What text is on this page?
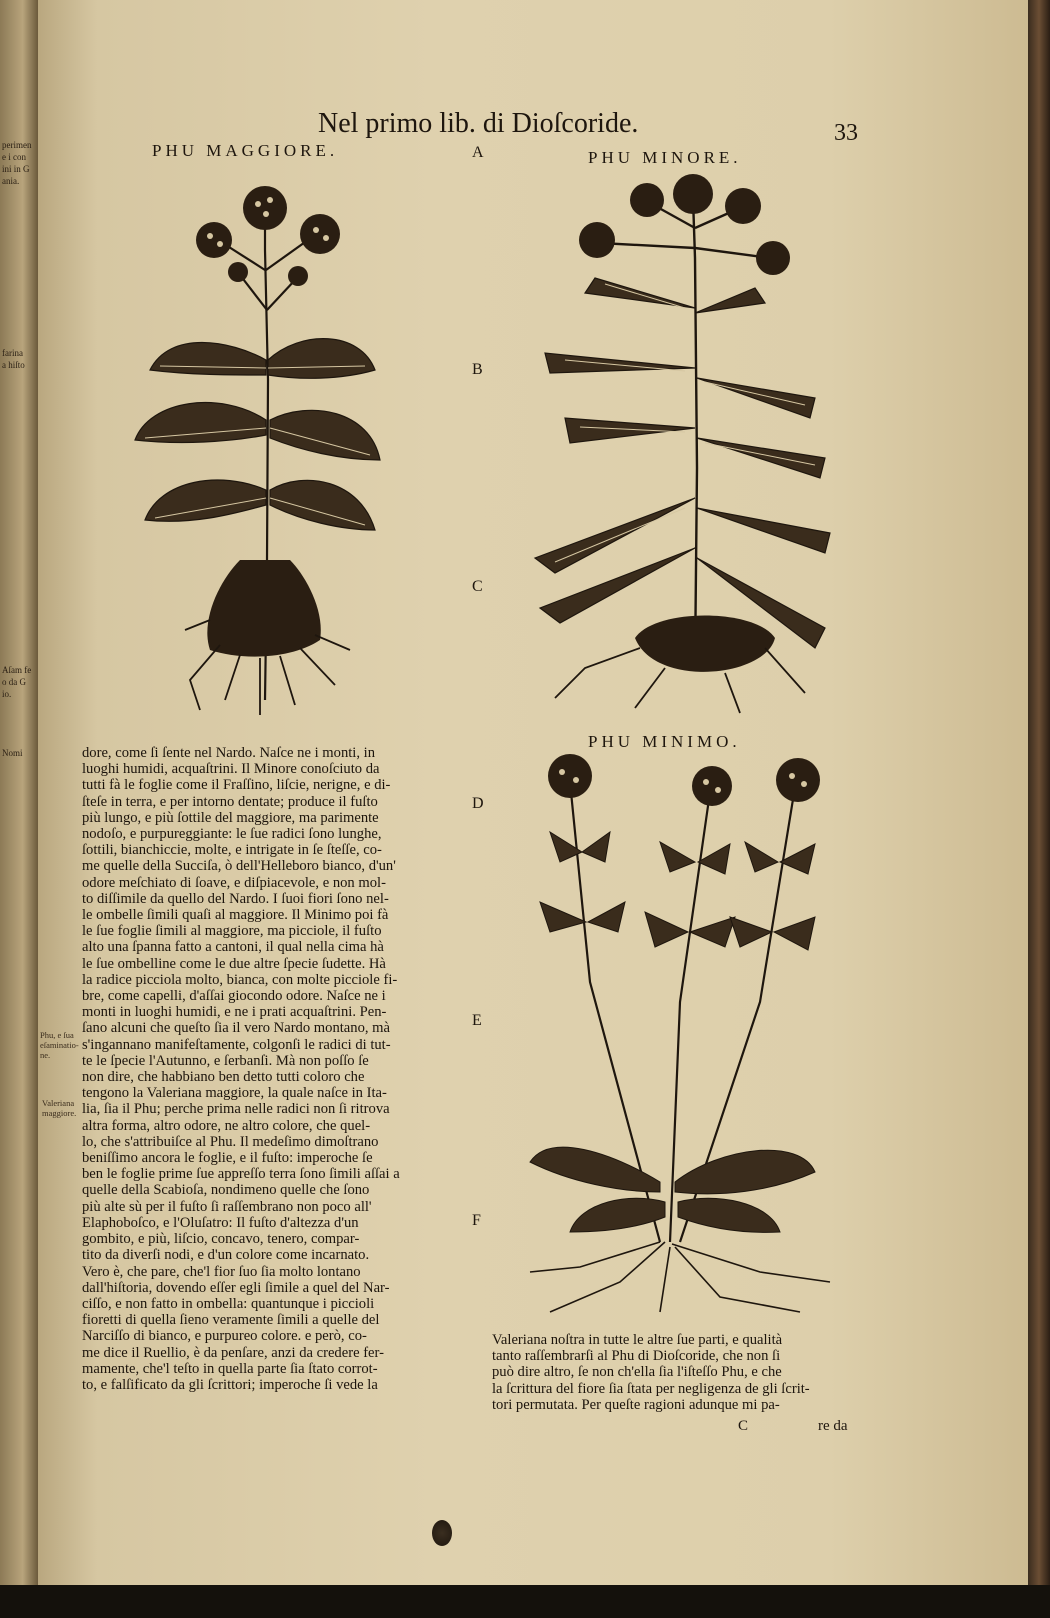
perimen
e i con
ini in G
ania.
farina
a hiſto
Aſam fe
o da G
io.
Nomi
Nel primo lib. di Dioſcoride.	33
PHU MAGGIORE.	PHU MINORE.
PHU MINIMO.
A
B
C
D
E
F
dore, come ſi ſente nel Nardo. Naſce ne i monti, in
luoghi humidi, acquaſtrini. Il Minore conoſciuto da
tutti fà le foglie come il Fraſſino, liſcie, nerigne, e di-
ſteſe in terra, e per intorno dentate; produce il fuſto
più lungo, e più ſottile del maggiore, ma parimente
nodoſo, e purpureggiante: le ſue radici ſono lunghe,
ſottili, bianchiccie, molte, e intrigate in ſe ſteſſe, co-
me quelle della Succiſa, ò dell'Helleboro bianco, d'un'
odore meſchiato di ſoave, e diſpiacevole, e non mol-
to diſſimile da quello del Nardo. I ſuoi fiori ſono nel-
le ombelle ſimili quaſi al maggiore. Il Minimo poi fà
le ſue foglie ſimili al maggiore, ma picciole, il fuſto
alto una ſpanna fatto a cantoni, il qual nella cima hà
le ſue ombelline come le due altre ſpecie ſudette. Hà
la radice picciola molto, bianca, con molte picciole fi-
bre, come capelli, d'aſſai giocondo odore. Naſce ne i
monti in luoghi humidi, e ne i prati acquaſtrini. Pen-
ſano alcuni che queſto ſia il vero Nardo montano, mà
s'ingannano manifeſtamente, colgonſi le radici di tut-
te le ſpecie l'Autunno, e ſerbanſi. Mà non poſſo ſe
non dire, che habbiano ben detto tutti coloro che
tengono la Valeriana maggiore, la quale naſce in Ita-
lia, ſia il Phu; perche prima nelle radici non ſi ritrova
altra forma, altro odore, ne altro colore, che quel-
lo, che s'attribuiſce al Phu. Il medeſimo dimoſtrano
beniſſimo ancora le foglie, e il fuſto: imperoche ſe
ben le foglie prime ſue appreſſo terra ſono ſimili aſſai a
quelle della Scabioſa, nondimeno quelle che ſono
più alte sù per il fuſto ſi raſſembrano non poco all'
Elaphoboſco, e l'Oluſatro: Il fuſto d'altezza d'un
gombito, e più, liſcio, concavo, tenero, compar-
tito da diverſi nodi, e d'un colore come incarnato.
Vero è, che pare, che'l fior ſuo ſia molto lontano
dall'hiſtoria, dovendo eſſer egli ſimile a quel del Nar-
ciſſo, e non fatto in ombella: quantunque i piccioli
fioretti di quella ſieno veramente ſimili a quelle del
Narciſſo di bianco, e purpureo colore. e però, co-
me dice il Ruellio, è da penſare, anzi da credere fer-
mamente, che'l teſto in quella parte ſia ſtato corrot-
to, e falſificato da gli ſcrittori; imperoche ſi vede la
Phu, e ſua
eſaminatio-
ne.
Valeriana
maggiore.
Valeriana noſtra in tutte le altre ſue parti, e qualità
tanto raſſembrarſi al Phu di Dioſcoride, che non ſi
può dire altro, ſe non ch'ella ſia l'iſteſſo Phu, e che
la ſcrittura del fiore ſia ſtata per negligenza de gli ſcrit-
tori permutata. Per queſte ragioni adunque mi pa-
C	re da
